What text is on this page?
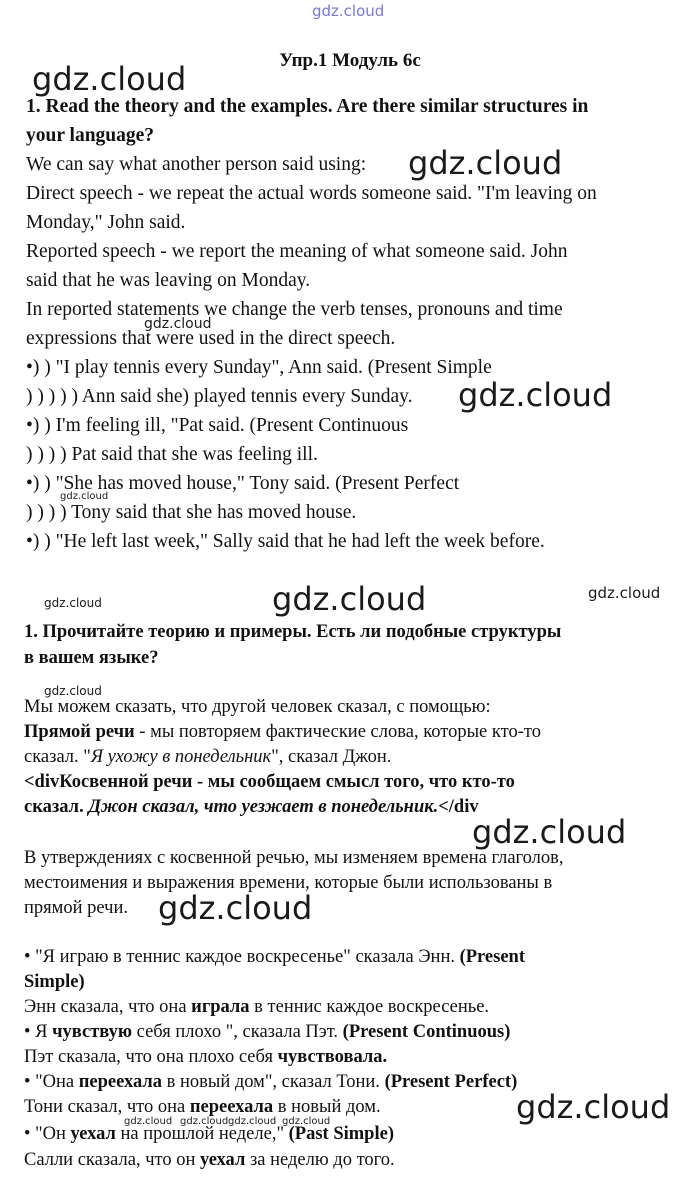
gdz.cloud
gdz.cloud
gdz.cloud
gdz.cloud
gdz.cloud
gdz.cloud
gdz.cloud	gdz.cloud	gdz.cloud
gdz.cloud
gdz.cloud
gdz.cloud
gdz.cloud
gdz.cloud gdz.cloud gdz.cloud gdz.cloud
Упр.1 Модуль 6с
1. Read the theory and the examples. Are there similar structures in
your language?
We can say what another person said using:
Direct speech - we repeat the actual words someone said. "I'm leaving on
Monday," John said.
Reported speech - we report the meaning of what someone said. John
said that he was leaving on Monday.
In reported statements we change the verb tenses, pronouns and time
expressions that were used in the direct speech.
•) ) "I play tennis every Sunday", Ann said. (Present Simple
) ) ) ) ) Ann said she) played tennis every Sunday.
•) ) I'm feeling ill, "Pat said. (Present Continuous
) ) ) ) Pat said that she was feeling ill.
•) ) "She has moved house," Tony said. (Present Perfect
) ) ) ) Tony said that she has moved house.
•) ) "He left last week," Sally said that he had left the week before.
1. Прочитайте теорию и примеры. Есть ли подобные структуры
в вашем языке?
Мы можем сказать, что другой человек сказал, с помощью:
Прямой речи - мы повторяем фактические слова, которые кто-то
сказал. "Я ухожу в понедельник", сказал Джон.
<divКосвенной речи - мы сообщаем смысл того, что кто-то
сказал. Джон сказал, что уезжает в понедельник.</div
В утверждениях с косвенной речью, мы изменяем времена глаголов,
местоимения и выражения времени, которые были использованы в
прямой речи.
• "Я играю в теннис каждое воскресенье" сказала Энн. (Present
Simple)
Энн сказала, что она играла в теннис каждое воскресенье.
• Я чувствую себя плохо ", сказала Пэт. (Present Continuous)
Пэт сказала, что она плохо себя чувствовала.
• "Она переехала в новый дом", сказал Тони. (Present Perfect)
Тони сказал, что она переехала в новый дом.
• "Он уехал на прошлой неделе," (Past Simple)
Салли сказала, что он уехал за неделю до того.
